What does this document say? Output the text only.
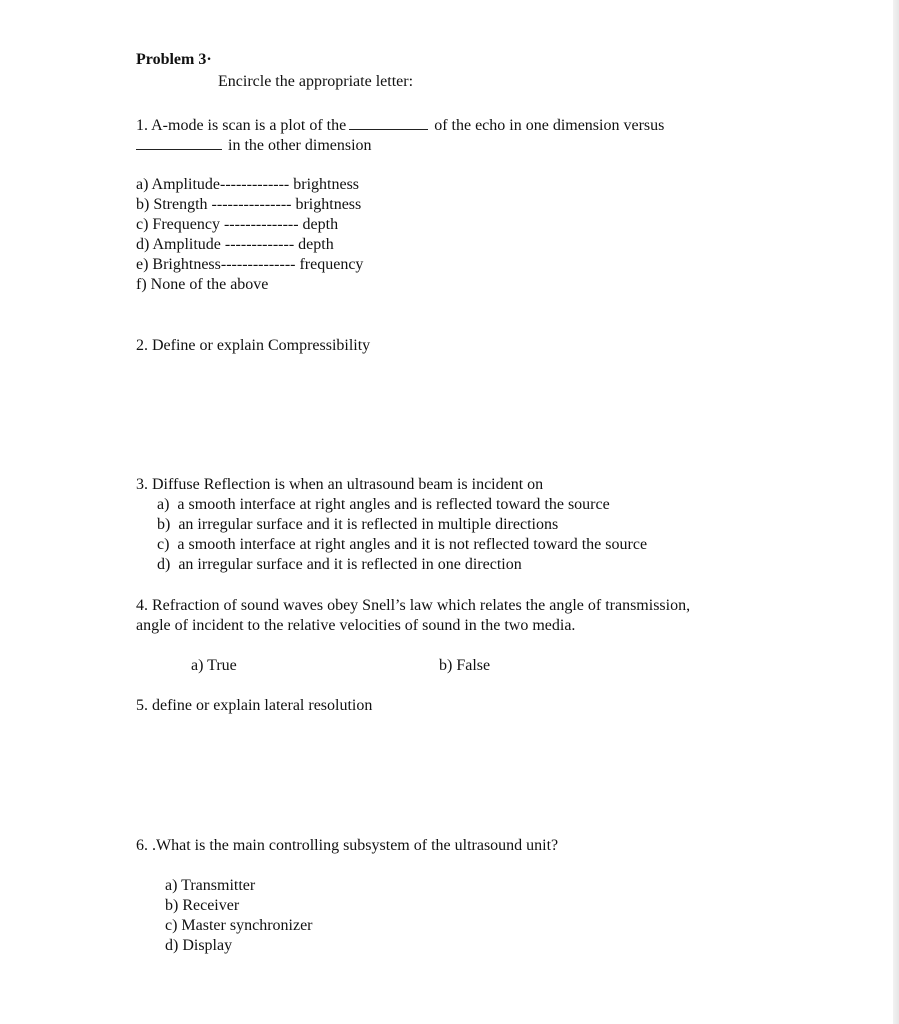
Problem 3·
Encircle the appropriate letter:
1. A-mode is scan is a plot of the	of the echo in one dimension versus
in the other dimension
a) Amplitude------------- brightness
b) Strength --------------- brightness
c) Frequency -------------- depth
d) Amplitude ------------- depth
e) Brightness-------------- frequency
f) None of the above
2. Define or explain Compressibility
3. Diffuse Reflection is when an ultrasound beam is incident on
a)  a smooth interface at right angles and is reflected toward the source
b)  an irregular surface and it is reflected in multiple directions
c)  a smooth interface at right angles and it is not reflected toward the source
d)  an irregular surface and it is reflected in one direction
4. Refraction of sound waves obey Snell’s law which relates the angle of transmission,
angle of incident to the relative velocities of sound in the two media.
a) True	b) False
5. define or explain lateral resolution
6. .What is the main controlling subsystem of the ultrasound unit?
a) Transmitter
b) Receiver
c) Master synchronizer
d) Display
